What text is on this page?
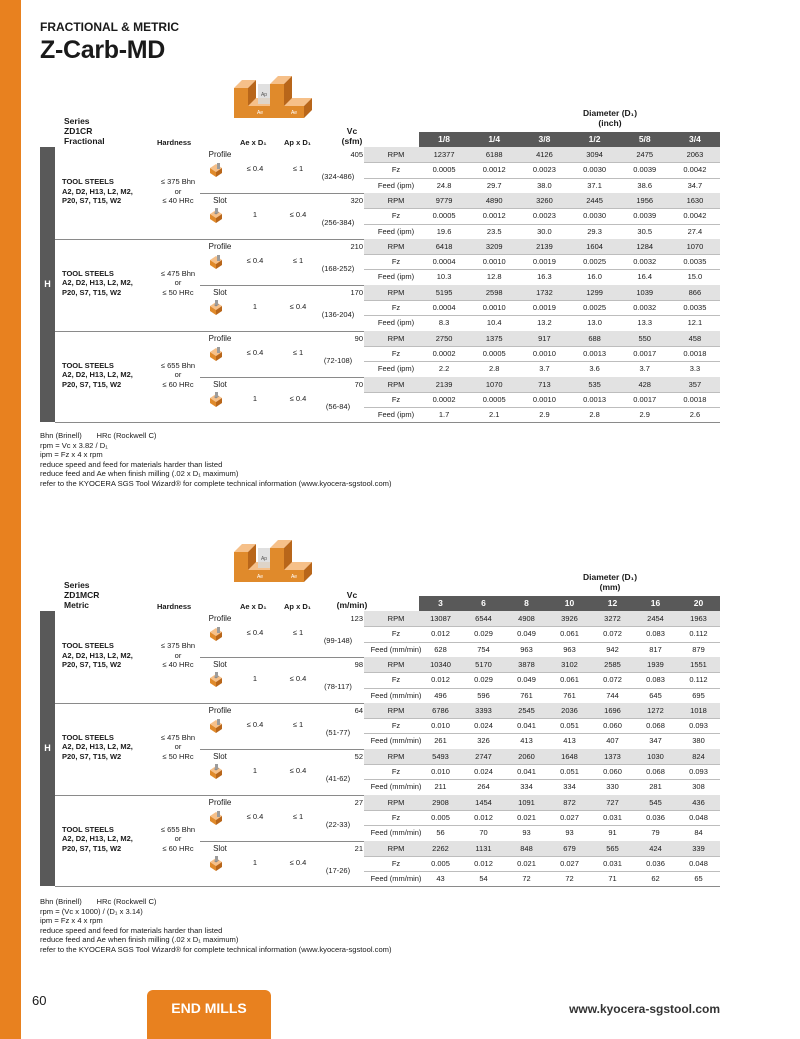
FRACTIONAL & METRIC
Z-Carb-MD
Ap
Ae	Ae	Diameter (D₁)
(inch)
Series
ZD1CR
Fractional	Hardness	Ae x D₁ Ap x D₁
Vc
(sfm)	1/8	1/4	3/8	1/2	5/8	3/4
H
TOOL STEELS
A2, D2, H13, L2, M2,
P20, S7, T15, W2
≤ 375 Bhn
or
≤ 40 HRc
Profile
≤ 0.4	≤ 1
405
(324-486)
RPM	12377	6188	4126	3094	2475	2063
Fz	0.0005	0.0012	0.0023	0.0030	0.0039	0.0042
Feed (ipm)	24.8	29.7	38.0	37.1	38.6	34.7
Slot
1	≤ 0.4
320
(256-384)
RPM	9779	4890	3260	2445	1956	1630
Fz	0.0005	0.0012	0.0023	0.0030	0.0039	0.0042
Feed (ipm)	19.6	23.5	30.0	29.3	30.5	27.4
TOOL STEELS
A2, D2, H13, L2, M2,
P20, S7, T15, W2
≤ 475 Bhn
or
≤ 50 HRc
Profile
≤ 0.4	≤ 1
210
(168-252)
RPM	6418	3209	2139	1604	1284	1070
Fz	0.0004	0.0010	0.0019	0.0025	0.0032	0.0035
Feed (ipm)	10.3	12.8	16.3	16.0	16.4	15.0
Slot
1	≤ 0.4
170
(136-204)
RPM	5195	2598	1732	1299	1039	866
Fz	0.0004	0.0010	0.0019	0.0025	0.0032	0.0035
Feed (ipm)	8.3	10.4	13.2	13.0	13.3	12.1
TOOL STEELS
A2, D2, H13, L2, M2,
P20, S7, T15, W2
≤ 655 Bhn
or
≤ 60 HRc
Profile
≤ 0.4	≤ 1
90
(72-108)
RPM	2750	1375	917	688	550	458
Fz	0.0002	0.0005	0.0010	0.0013	0.0017	0.0018
Feed (ipm)	2.2	2.8	3.7	3.6	3.7	3.3
Slot
1	≤ 0.4
70
(56-84)
RPM	2139	1070	713	535	428	357
Fz	0.0002	0.0005	0.0010	0.0013	0.0017	0.0018
Feed (ipm)	1.7	2.1	2.9	2.8	2.9	2.6
Bhn (Brinell)       HRc (Rockwell C)
rpm = Vc x 3.82 / D₁
ipm = Fz x 4 x rpm
reduce speed and feed for materials harder than listed
reduce feed and Ae when finish milling (.02 x D₁ maximum)
refer to the KYOCERA SGS Tool Wizard® for complete technical information (www.kyocera-sgstool.com)
Ap
Ae	Ae	Diameter (D₁)
(mm)
Series
ZD1MCR
Metric	Hardness	Ae x D₁ Ap x D₁
Vc
(m/min)	3	6	8	10	12	16	20
H
TOOL STEELS
A2, D2, H13, L2, M2,
P20, S7, T15, W2
≤ 375 Bhn
or
≤ 40 HRc
Profile
≤ 0.4	≤ 1
123
(99-148)
RPM	13087	6544	4908	3926	3272	2454	1963
Fz	0.012	0.029	0.049	0.061	0.072	0.083	0.112
Feed (mm/min)	628	754	963	963	942	817	879
Slot
1	≤ 0.4
98
(78-117)
RPM	10340	5170	3878	3102	2585	1939	1551
Fz	0.012	0.029	0.049	0.061	0.072	0.083	0.112
Feed (mm/min)	496	596	761	761	744	645	695
TOOL STEELS
A2, D2, H13, L2, M2,
P20, S7, T15, W2
≤ 475 Bhn
or
≤ 50 HRc
Profile
≤ 0.4	≤ 1
64
(51-77)
RPM	6786	3393	2545	2036	1696	1272	1018
Fz	0.010	0.024	0.041	0.051	0.060	0.068	0.093
Feed (mm/min)	261	326	413	413	407	347	380
Slot
1	≤ 0.4
52
(41-62)
RPM	5493	2747	2060	1648	1373	1030	824
Fz	0.010	0.024	0.041	0.051	0.060	0.068	0.093
Feed (mm/min)	211	264	334	334	330	281	308
TOOL STEELS
A2, D2, H13, L2, M2,
P20, S7, T15, W2
≤ 655 Bhn
or
≤ 60 HRc
Profile
≤ 0.4	≤ 1
27
(22-33)
RPM	2908	1454	1091	872	727	545	436
Fz	0.005	0.012	0.021	0.027	0.031	0.036	0.048
Feed (mm/min)	56	70	93	93	91	79	84
Slot
1	≤ 0.4
21
(17-26)
RPM	2262	1131	848	679	565	424	339
Fz	0.005	0.012	0.021	0.027	0.031	0.036	0.048
Feed (mm/min)	43	54	72	72	71	62	65
Bhn (Brinell)       HRc (Rockwell C)
rpm = (Vc x 1000) / (D₁ x 3.14)
ipm = Fz x 4 x rpm
reduce speed and feed for materials harder than listed
reduce feed and Ae when finish milling (.02 x D₁ maximum)
refer to the KYOCERA SGS Tool Wizard® for complete technical information (www.kyocera-sgstool.com)
60	END MILLS	www.kyocera-sgstool.com
